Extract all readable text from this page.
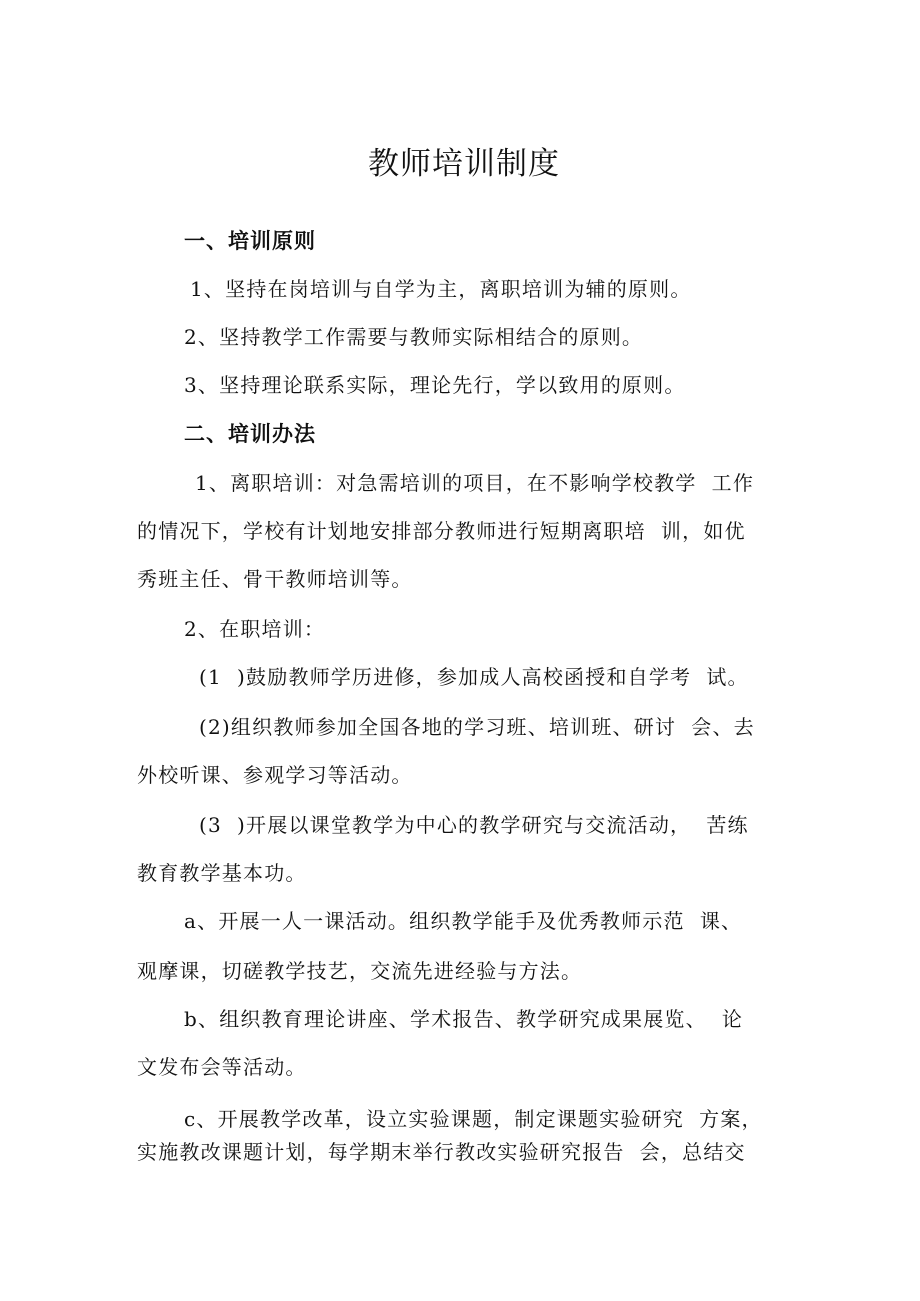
教师培训制度
一、培训原则
1、坚持在岗培训与自学为主，离职培训为辅的原则。
2、坚持教学工作需要与教师实际相结合的原则。
3、坚持理论联系实际，理论先行，学以致用的原则。
二、培训办法
1、离职培训：对急需培训的项目，在不影响学校教学  工作
的情况下，学校有计划地安排部分教师进行短期离职培  训，如优
秀班主任、骨干教师培训等。
2、在职培训：
(1  )鼓励教师学历进修，参加成人高校函授和自学考  试。
(2)组织教师参加全国各地的学习班、培训班、研讨  会、去
外校听课、参观学习等活动。
(3  )开展以课堂教学为中心的教学研究与交流活动，  苦练
教育教学基本功。
a、开展一人一课活动。组织教学能手及优秀教师示范  课、
观摩课，切磋教学技艺，交流先进经验与方法。
b、组织教育理论讲座、学术报告、教学研究成果展览、  论
文发布会等活动。
c、开展教学改革，设立实验课题，制定课题实验研究  方案，
实施教改课题计划，每学期末举行教改实验研究报告  会，总结交
